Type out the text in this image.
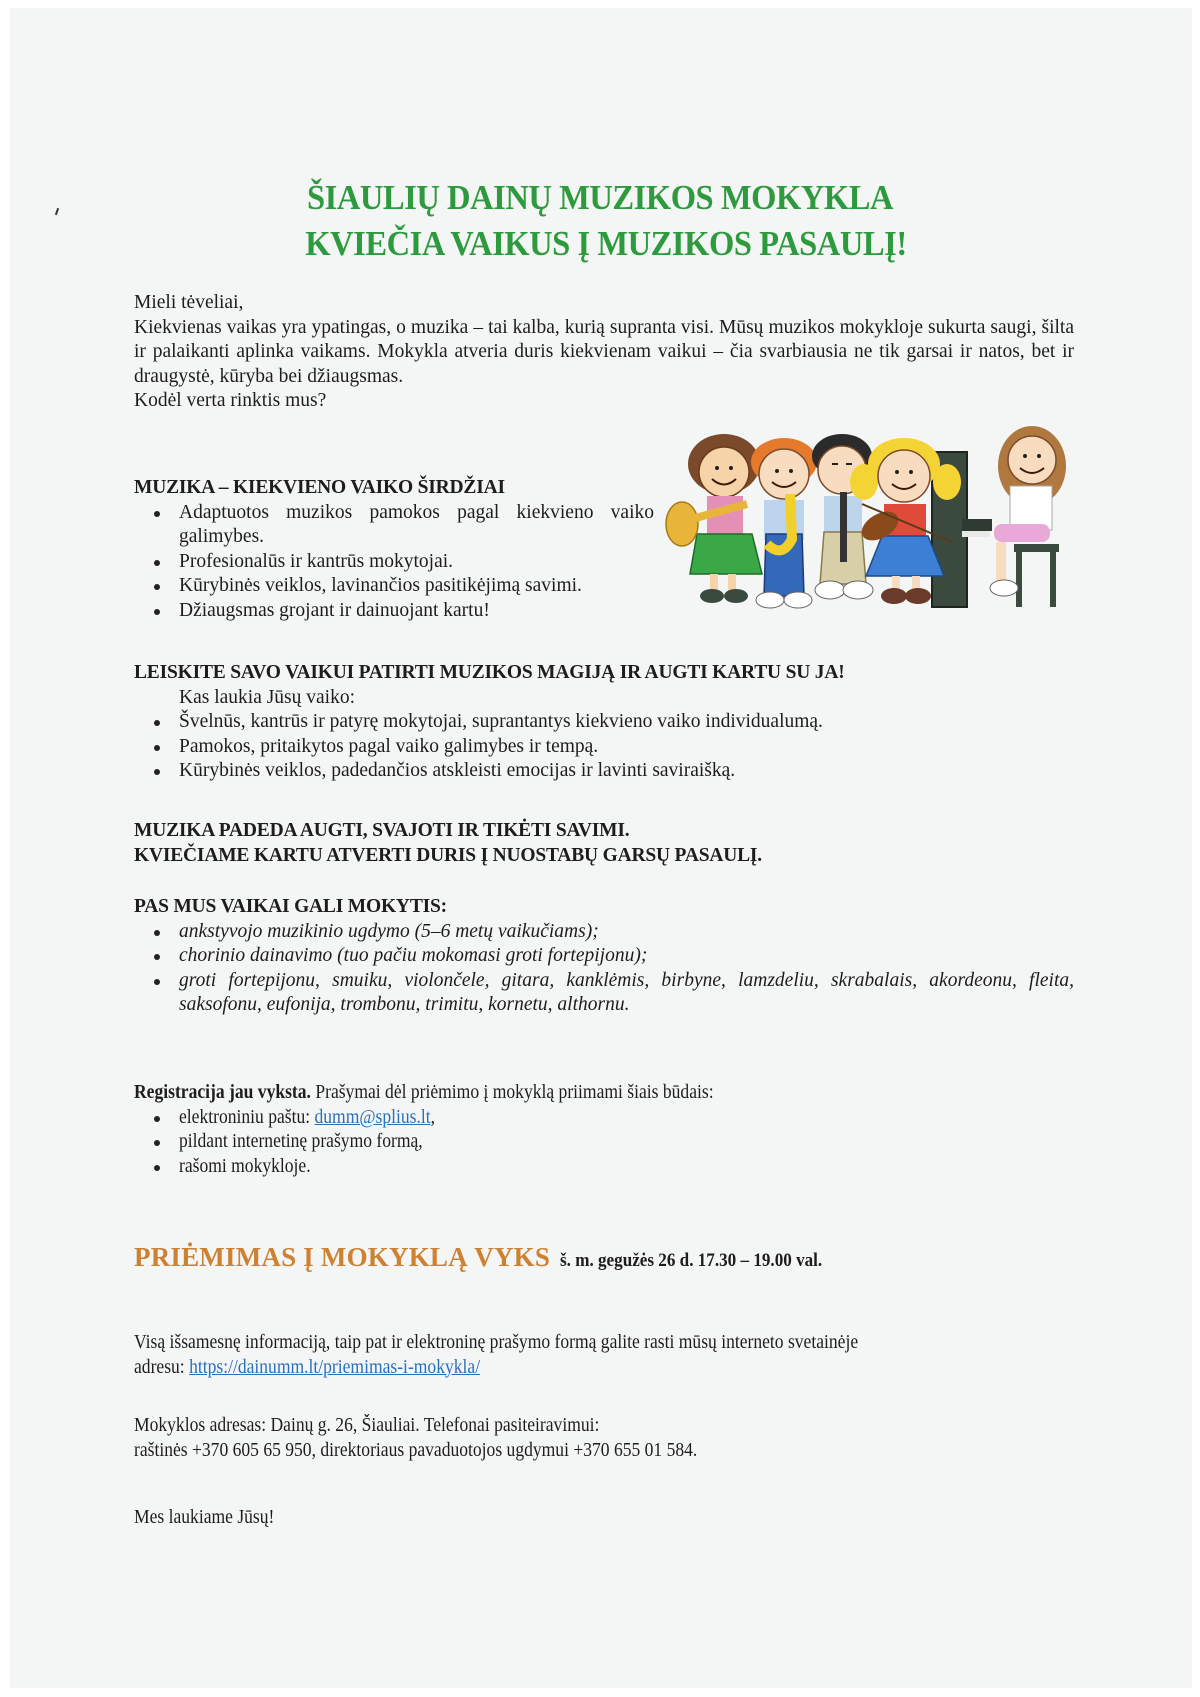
ŠIAULIŲ DAINŲ MUZIKOS MOKYKLA
KVIEČIA VAIKUS Į MUZIKOS PASAULĮ!

Mieli tėveliai,

Kiekvienas vaikas yra ypatingas, o muzika – tai kalba, kurią supranta visi. Mūsų muzikos mokykloje sukurta saugi, šilta ir palaikanti aplinka vaikams. Mokykla atveria duris kiekvienam vaikui – čia svarbiausia ne tik garsai ir natos, bet ir draugystė, kūryba bei džiaugsmas.

Kodėl verta rinktis mus?

MUZIKA – KIEKVIENO VAIKO ŠIRDŽIAI

Adaptuotos muzikos pamokos pagal kiekvieno vaiko galimybes.
Profesionalūs ir kantrūs mokytojai.
Kūrybinės veiklos, lavinančios pasitikėjimą savimi.
Džiaugsmas grojant ir dainuojant kartu!

LEISKITE SAVO VAIKUI PATIRTI MUZIKOS MAGIJĄ IR AUGTI KARTU SU JA!

Kas laukia Jūsų vaiko:

Švelnūs, kantrūs ir patyrę mokytojai, suprantantys kiekvieno vaiko individualumą.
Pamokos, pritaikytos pagal vaiko galimybes ir tempą.
Kūrybinės veiklos, padedančios atskleisti emocijas ir lavinti saviraišką.

MUZIKA PADEDA AUGTI, SVAJOTI IR TIKĖTI SAVIMI.

KVIEČIAME KARTU ATVERTI DURIS Į NUOSTABŲ GARSŲ PASAULĮ.

PAS MUS VAIKAI GALI MOKYTIS:

ankstyvojo muzikinio ugdymo (5–6 metų vaikučiams);
chorinio dainavimo (tuo pačiu mokomasi groti fortepijonu);
groti fortepijonu, smuiku, violončele, gitara, kanklėmis, birbyne, lamzdeliu, skrabalais, akordeonu, fleita, saksofonu, eufonija, trombonu, trimitu, kornetu, althornu.

Registracija jau vyksta. Prašymai dėl priėmimo į mokyklą priimami šiais būdais:

elektroniniu paštu: dumm@splius.lt,
pildant internetinę prašymo formą,
rašomi mokykloje.
PRIĖMIMAS Į MOKYKLĄ VYKS š. m. gegužės 26 d. 17.30 – 19.00 val.
Visą išsamesnę informaciją, taip pat ir elektroninę prašymo formą galite rasti mūsų interneto svetainėje
adresu: https://dainumm.lt/priemimas-i-mokykla/
Mokyklos adresas: Dainų g. 26, Šiauliai. Telefonai pasiteiravimui:
raštinės +370 605 65 950, direktoriaus pavaduotojos ugdymui +370 655 01 584.
Mes laukiame Jūsų!
